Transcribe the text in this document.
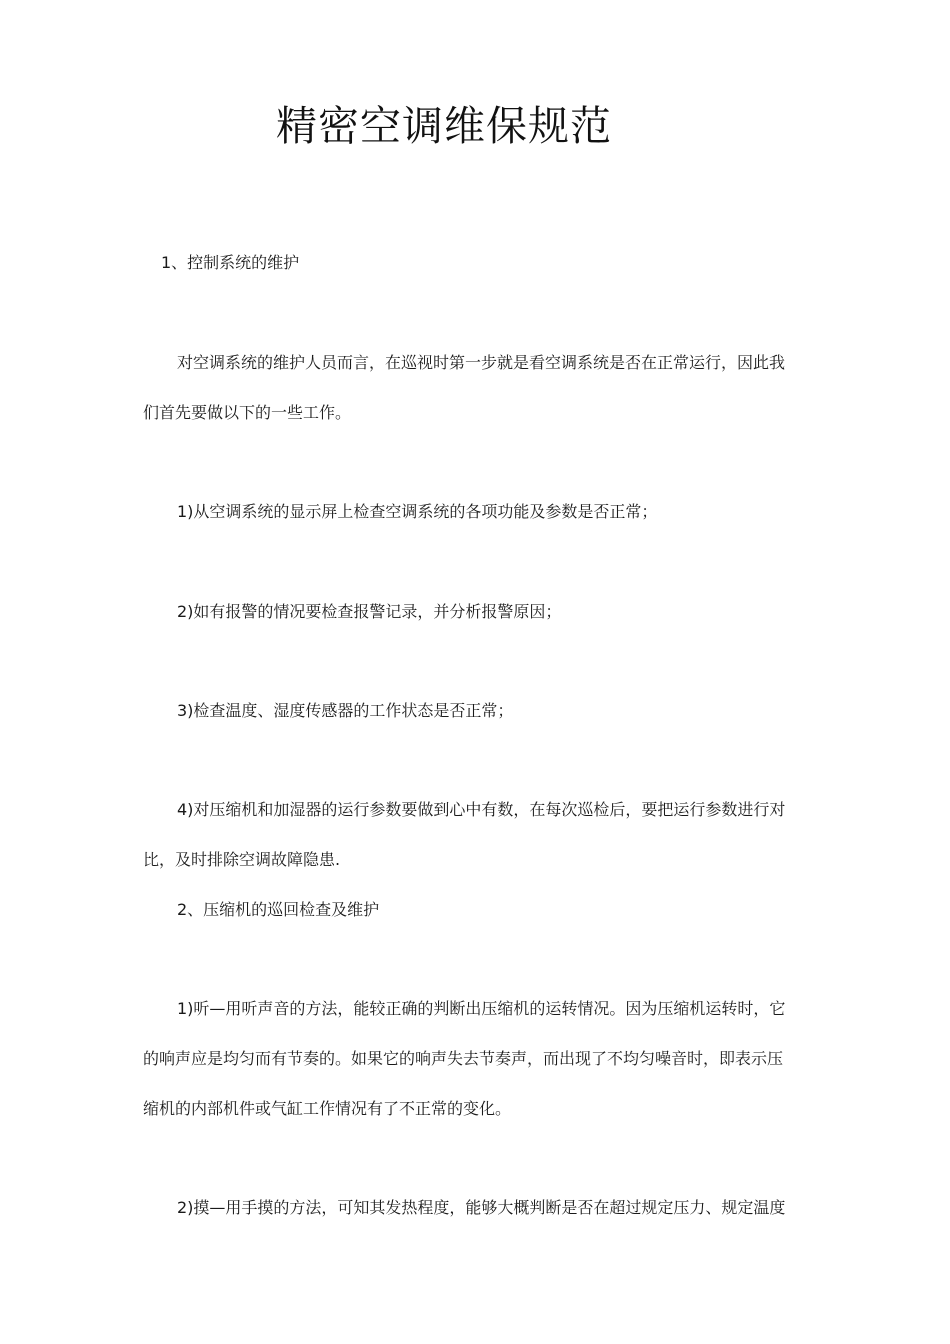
精密空调维保规范
1、控制系统的维护
对空调系统的维护人员而言，在巡视时第一步就是看空调系统是否在正常运行，因此我
们首先要做以下的一些工作。
1)从空调系统的显示屏上检查空调系统的各项功能及参数是否正常；
2)如有报警的情况要检查报警记录，并分析报警原因；
3)检查温度、湿度传感器的工作状态是否正常；
4)对压缩机和加湿器的运行参数要做到心中有数，在每次巡检后，要把运行参数进行对
比，及时排除空调故障隐患.
2、压缩机的巡回检查及维护
1)听—用听声音的方法，能较正确的判断出压缩机的运转情况。因为压缩机运转时，它
的响声应是均匀而有节奏的。如果它的响声失去节奏声，而出现了不均匀噪音时，即表示压
缩机的内部机件或气缸工作情况有了不正常的变化。
2)摸—用手摸的方法，可知其发热程度，能够大概判断是否在超过规定压力、规定温度
